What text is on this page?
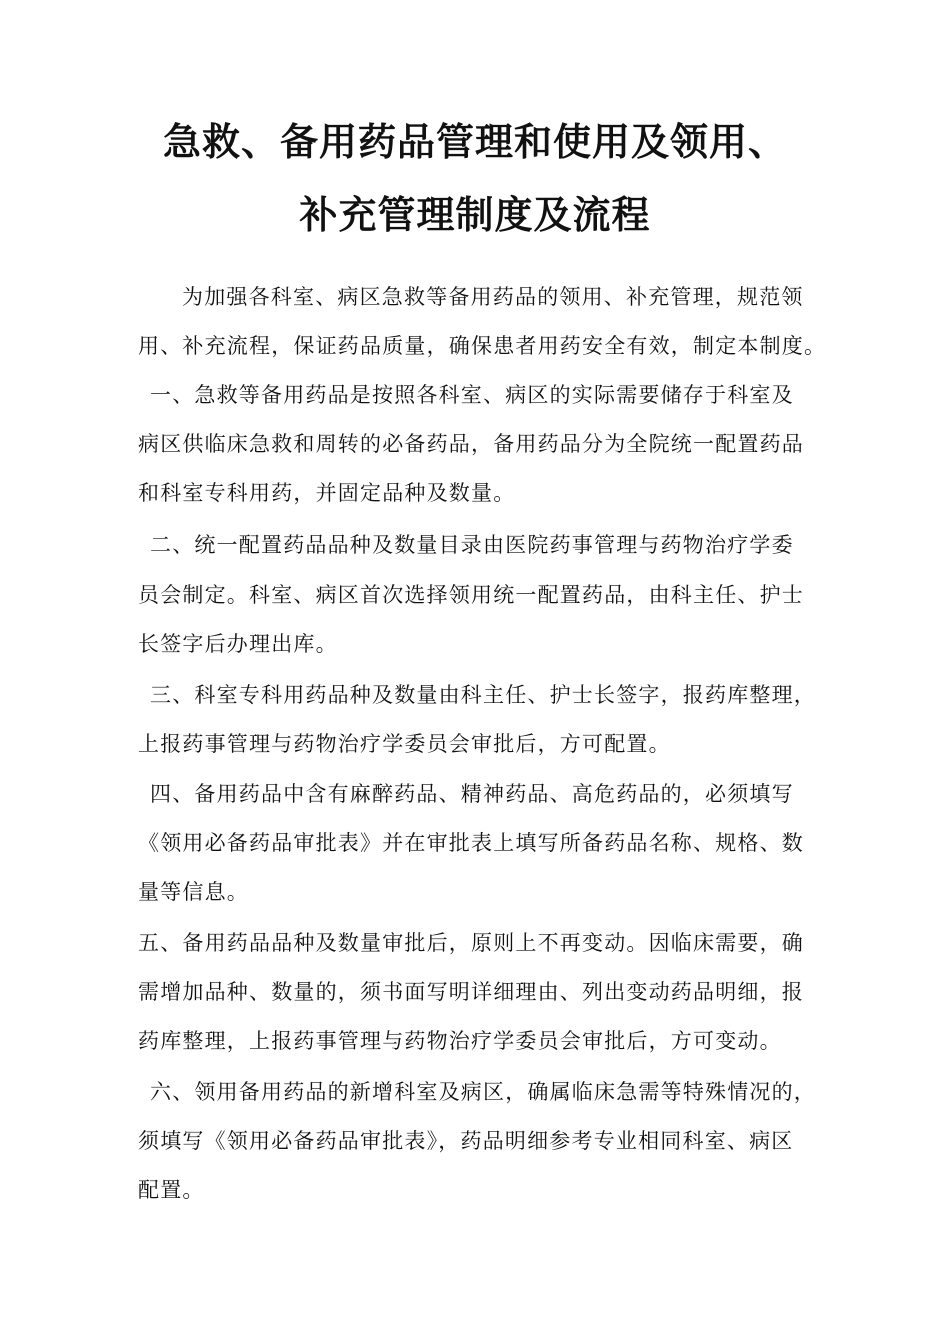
急救、备用药品管理和使用及领用、
补充管理制度及流程
为加强各科室、病区急救等备用药品的领用、补充管理，规范领
用、补充流程，保证药品质量，确保患者用药安全有效，制定本制度。
一、急救等备用药品是按照各科室、病区的实际需要储存于科室及
病区供临床急救和周转的必备药品，备用药品分为全院统一配置药品
和科室专科用药，并固定品种及数量。
二、统一配置药品品种及数量目录由医院药事管理与药物治疗学委
员会制定。科室、病区首次选择领用统一配置药品，由科主任、护士
长签字后办理出库。
三、科室专科用药品种及数量由科主任、护士长签字，报药库整理，
上报药事管理与药物治疗学委员会审批后，方可配置。
四、备用药品中含有麻醉药品、精神药品、高危药品的，必须填写
《领用必备药品审批表》并在审批表上填写所备药品名称、规格、数
量等信息。
五、备用药品品种及数量审批后，原则上不再变动。因临床需要，确
需增加品种、数量的，须书面写明详细理由、列出变动药品明细，报
药库整理，上报药事管理与药物治疗学委员会审批后，方可变动。
六、领用备用药品的新增科室及病区，确属临床急需等特殊情况的，
须填写《领用必备药品审批表》，药品明细参考专业相同科室、病区
配置。
